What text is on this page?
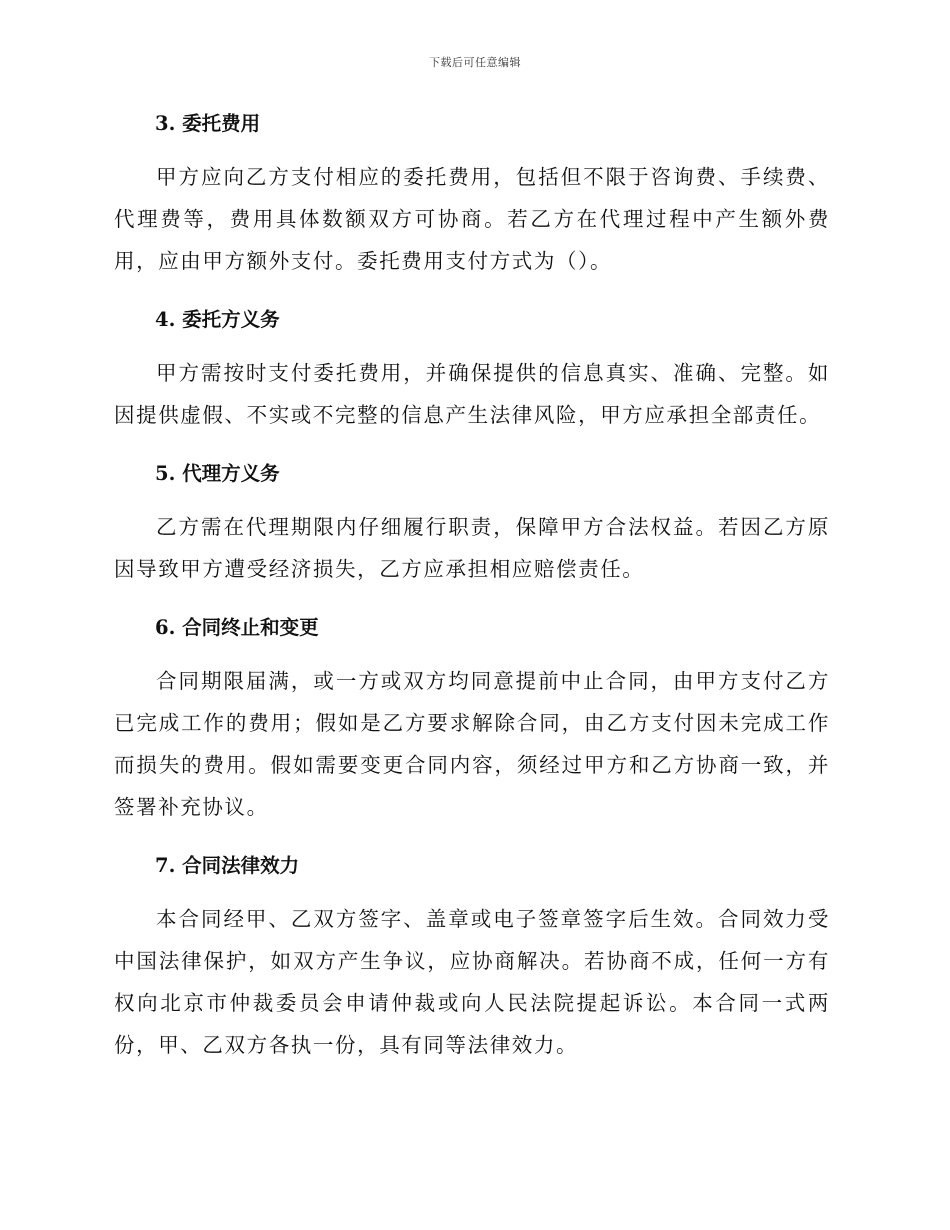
下载后可任意编辑
3. 委托费用

甲方应向乙方支付相应的委托费用，包括但不限于咨询费、手续费、代理费等，费用具体数额双方可协商。若乙方在代理过程中产生额外费用，应由甲方额外支付。委托费用支付方式为（）。

4. 委托方义务

甲方需按时支付委托费用，并确保提供的信息真实、准确、完整。如因提供虚假、不实或不完整的信息产生法律风险，甲方应承担全部责任。

5. 代理方义务

乙方需在代理期限内仔细履行职责，保障甲方合法权益。若因乙方原因导致甲方遭受经济损失，乙方应承担相应赔偿责任。

6. 合同终止和变更

合同期限届满，或一方或双方均同意提前中止合同，由甲方支付乙方已完成工作的费用；假如是乙方要求解除合同，由乙方支付因未完成工作而损失的费用。假如需要变更合同内容，须经过甲方和乙方协商一致，并签署补充协议。

7. 合同法律效力

本合同经甲、乙双方签字、盖章或电子签章签字后生效。合同效力受中国法律保护，如双方产生争议，应协商解决。若协商不成，任何一方有权向北京市仲裁委员会申请仲裁或向人民法院提起诉讼。本合同一式两份，甲、乙双方各执一份，具有同等法律效力。
